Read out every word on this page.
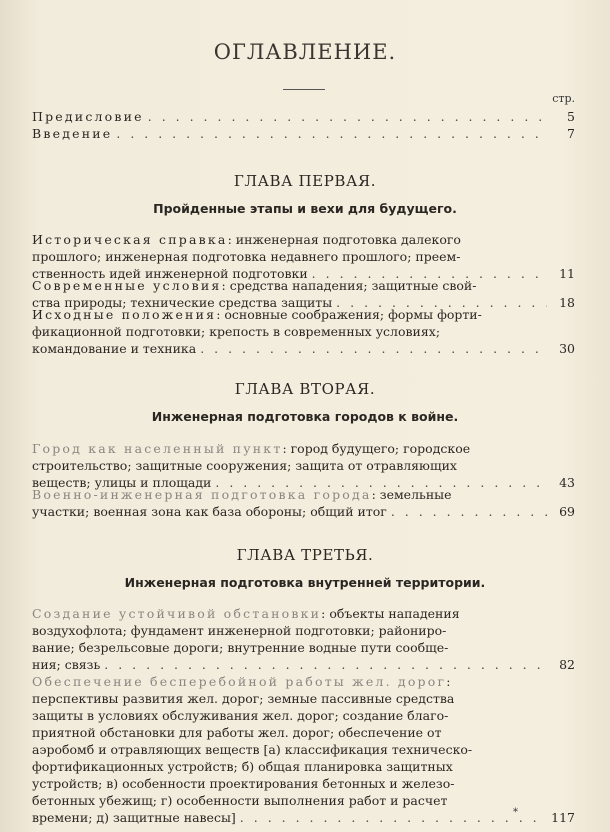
ОГЛАВЛЕНИЕ.
стр.
Предисловие . . .	5
Введение . . .	7
ГЛАВА ПЕРВАЯ.
Пройденные этапы и вехи для будущего.
Историческая справка: инженерная подготовка далекого
прошлого; инженерная подготовка недавнего прошлого; преем-
ственность идей инженерной подготовки . . .	11
Современные условия: средства нападения; защитные свой-
ства природы; технические средства защиты . . .	18
Исходные положения: основные соображения; формы форти-
фикационной подготовки; крепость в современных условиях;
командование и техника . . .	30
ГЛАВА ВТОРАЯ.
Инженерная подготовка городов к войне.
Город как населенный пункт: город будущего; городское
строительство; защитные сооружения; защита от отравляющих
веществ; улицы и площади . . .	43
Военно-инженерная подготовка города: земельные
участки; военная зона как база обороны; общий итог . . .	69
ГЛАВА ТРЕТЬЯ.
Инженерная подготовка внутренней территории.
Создание устойчивой обстановки: объекты нападения
воздухофлота; фундамент инженерной подготовки; райониро-
вание; безрельсовые дороги; внутренние водные пути сообще-
ния; связь . . .	82
Обеспечение бесперебойной работы жел. дорог:
перспективы развития жел. дорог; земные пассивные средства
защиты в условиях обслуживания жел. дорог; создание благо-
приятной обстановки для работы жел. дорог; обеспечение от
аэробомб и отравляющих веществ [а) классификация техническо-
фортификационных устройств; б) общая планировка защитных
устройств; в) особенности проектирования бетонных и железо-
бетонных убежищ; г) особенности выполнения работ и расчет
времени; д) защитные навесы] . . .	117
*
